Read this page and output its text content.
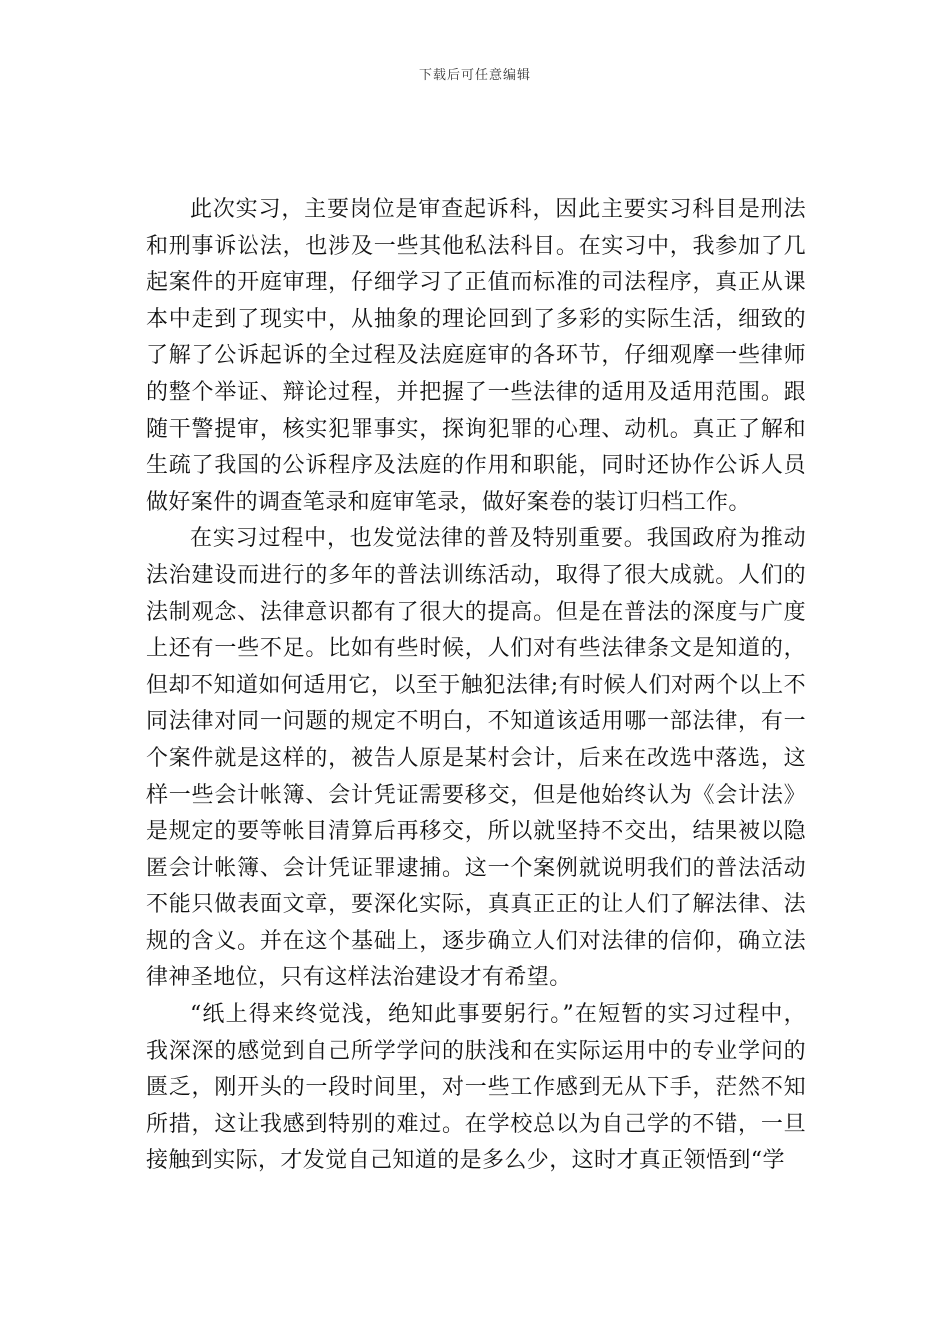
下载后可任意编辑

此次实习，主要岗位是审查起诉科，因此主要实习科目是刑法和刑事诉讼法，也涉及一些其他私法科目。在实习中，我参加了几起案件的开庭审理，仔细学习了正值而标准的司法程序，真正从课本中走到了现实中，从抽象的理论回到了多彩的实际生活，细致的了解了公诉起诉的全过程及法庭庭审的各环节，仔细观摩一些律师的整个举证、辩论过程，并把握了一些法律的适用及适用范围。跟随干警提审，核实犯罪事实，探询犯罪的心理、动机。真正了解和生疏了我国的公诉程序及法庭的作用和职能，同时还协作公诉人员做好案件的调查笔录和庭审笔录，做好案卷的装订归档工作。

在实习过程中，也发觉法律的普及特别重要。我国政府为推动法治建设而进行的多年的普法训练活动，取得了很大成就。人们的法制观念、法律意识都有了很大的提高。但是在普法的深度与广度上还有一些不足。比如有些时候，人们对有些法律条文是知道的，但却不知道如何适用它，以至于触犯法律;有时候人们对两个以上不同法律对同一问题的规定不明白，不知道该适用哪一部法律，有一个案件就是这样的，被告人原是某村会计，后来在改选中落选，这样一些会计帐簿、会计凭证需要移交，但是他始终认为《会计法》是规定的要等帐目清算后再移交，所以就坚持不交出，结果被以隐匿会计帐簿、会计凭证罪逮捕。这一个案例就说明我们的普法活动不能只做表面文章，要深化实际，真真正正的让人们了解法律、法规的含义。并在这个基础上，逐步确立人们对法律的信仰，确立法律神圣地位，只有这样法治建设才有希望。

“纸上得来终觉浅，绝知此事要躬行。”在短暂的实习过程中，我深深的感觉到自己所学学问的肤浅和在实际运用中的专业学问的匮乏，刚开头的一段时间里，对一些工作感到无从下手，茫然不知所措，这让我感到特别的难过。在学校总以为自己学的不错，一旦接触到实际，才发觉自己知道的是多么少，这时才真正领悟到“学
